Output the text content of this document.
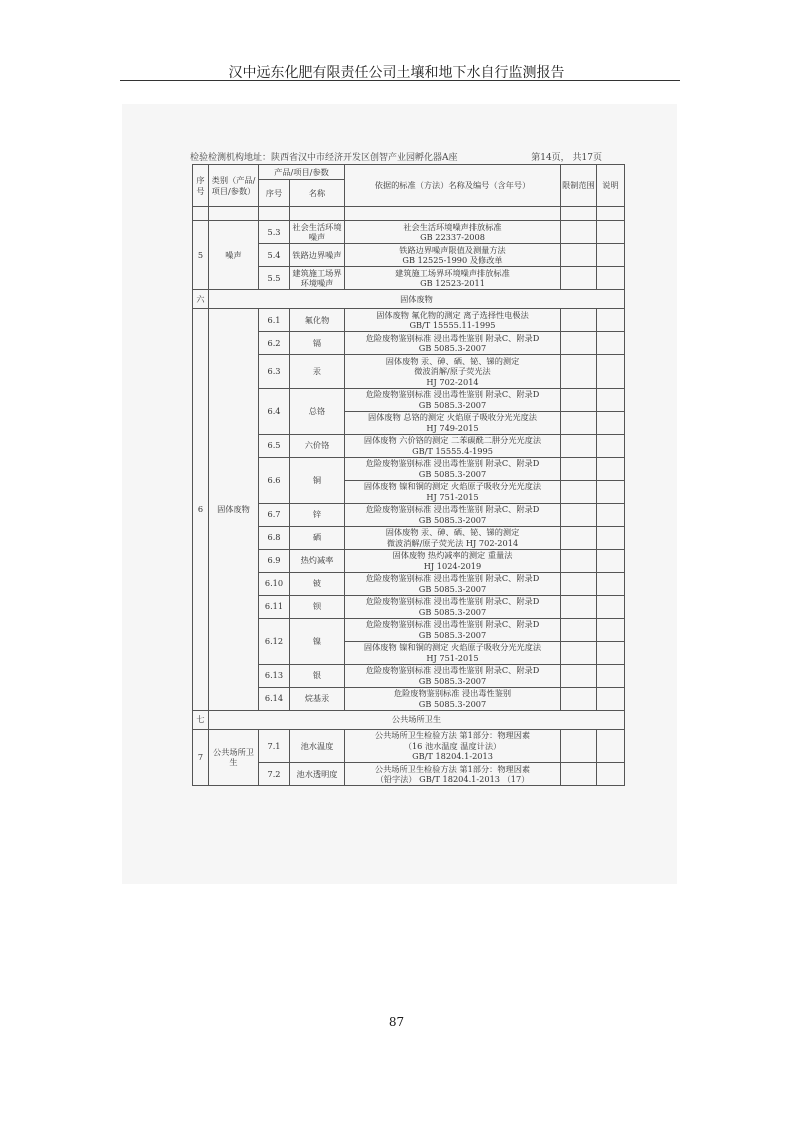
汉中远东化肥有限责任公司土壤和地下水自行监测报告
检验检测机构地址：陕西省汉中市经济开发区创智产业园孵化器A座	第14页， 共17页
序号	类别（产品/项目/参数）	产品/项目/参数		依据的标准（方法）名称及编号（含年号）	限制范围	说明
		序号	名称			

5	噪声	5.3	社会生活环境噪声	社会生活环境噪声排放标准
GB 22337-2008		

		5.4	铁路边界噪声	铁路边界噪声限值及测量方法
GB 12525-1990 及修改单		

		5.5	建筑施工场界环境噪声	建筑施工场界环境噪声排放标准
GB 12523-2011		

六	固体废物					
6	固体废物	6.1	氟化物	固体废物 氟化物的测定 离子选择性电极法
GB/T 15555.11-1995		

		6.2	镉	危险废物鉴别标准 浸出毒性鉴别 附录C、附录D
GB 5085.3-2007		

		6.3	汞	固体废物 汞、砷、硒、铋、锑的测定
微波消解/原子荧光法
HJ 702-2014		

		6.4	总铬	危险废物鉴别标准 浸出毒性鉴别 附录C、附录D
GB 5085.3-2007		

				固体废物 总铬的测定 火焰原子吸收分光光度法
HJ 749-2015		

		6.5	六价铬	固体废物 六价铬的测定 二苯碳酰二肼分光光度法
GB/T 15555.4-1995		

		6.6	铜	危险废物鉴别标准 浸出毒性鉴别 附录C、附录D
GB 5085.3-2007		

				固体废物 镍和铜的测定 火焰原子吸收分光光度法
HJ 751-2015		

		6.7	锌	危险废物鉴别标准 浸出毒性鉴别 附录C、附录D
GB 5085.3-2007		

		6.8	硒	固体废物 汞、砷、硒、铋、锑的测定
微波消解/原子荧光法 HJ 702-2014		

		6.9	热灼减率	固体废物 热灼减率的测定 重量法
HJ 1024-2019		

		6.10	铍	危险废物鉴别标准 浸出毒性鉴别 附录C、附录D
GB 5085.3-2007		

		6.11	钡	危险废物鉴别标准 浸出毒性鉴别 附录C、附录D
GB 5085.3-2007		

		6.12	镍	危险废物鉴别标准 浸出毒性鉴别 附录C、附录D
GB 5085.3-2007		

				固体废物 镍和铜的测定 火焰原子吸收分光光度法
HJ 751-2015		

		6.13	银	危险废物鉴别标准 浸出毒性鉴别 附录C、附录D
GB 5085.3-2007		

		6.14	烷基汞	危险废物鉴别标准 浸出毒性鉴别
GB 5085.3-2007		

七	公共场所卫生					
7	公共场所卫生	7.1	池水温度	公共场所卫生检验方法 第1部分：物理因素
（16 池水温度 温度计法）
GB/T 18204.1-2013		

		7.2	池水透明度	公共场所卫生检验方法 第1部分：物理因素
（铅字法） GB/T 18204.1-2013 （17）		

87
